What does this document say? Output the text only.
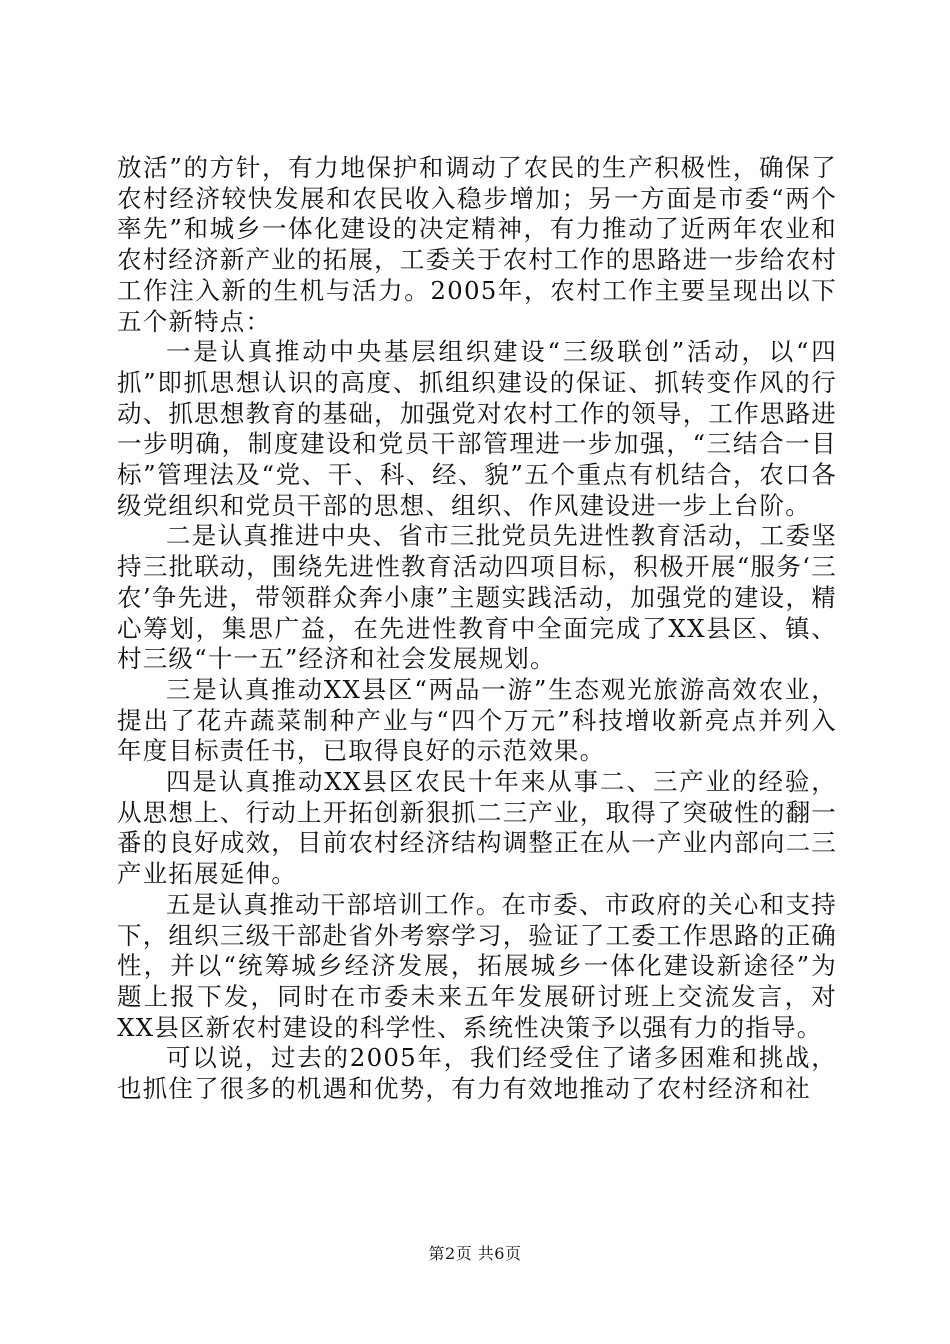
放活”的方针，有力地保护和调动了农民的生产积极性，确保了农村经济较快发展和农民收入稳步增加；另一方面是市委“两个率先”和城乡一体化建设的决定精神，有力推动了近两年农业和农村经济新产业的拓展，工委关于农村工作的思路进一步给农村工作注入新的生机与活力。2005年，农村工作主要呈现出以下五个新特点：

一是认真推动中央基层组织建设“三级联创”活动，以“四抓”即抓思想认识的高度、抓组织建设的保证、抓转变作风的行动、抓思想教育的基础，加强党对农村工作的领导，工作思路进一步明确，制度建设和党员干部管理进一步加强，“三结合一目标”管理法及“党、干、科、经、貌”五个重点有机结合，农口各级党组织和党员干部的思想、组织、作风建设进一步上台阶。

二是认真推进中央、省市三批党员先进性教育活动，工委坚持三批联动，围绕先进性教育活动四项目标，积极开展“服务‘三农’争先进，带领群众奔小康”主题实践活动，加强党的建设，精心筹划，集思广益，在先进性教育中全面完成了XX县区、镇、村三级“十一五”经济和社会发展规划。

三是认真推动XX县区“两品一游”生态观光旅游高效农业，提出了花卉蔬菜制种产业与“四个万元”科技增收新亮点并列入年度目标责任书，已取得良好的示范效果。

四是认真推动XX县区农民十年来从事二、三产业的经验，从思想上、行动上开拓创新狠抓二三产业，取得了突破性的翻一番的良好成效，目前农村经济结构调整正在从一产业内部向二三产业拓展延伸。

五是认真推动干部培训工作。在市委、市政府的关心和支持下，组织三级干部赴省外考察学习，验证了工委工作思路的正确性，并以“统筹城乡经济发展，拓展城乡一体化建设新途径”为题上报下发，同时在市委未来五年发展研讨班上交流发言，对XX县区新农村建设的科学性、系统性决策予以强有力的指导。

可以说，过去的2005年，我们经受住了诸多困难和挑战，也抓住了很多的机遇和优势，有力有效地推动了农村经济和社

第2页 共6页
